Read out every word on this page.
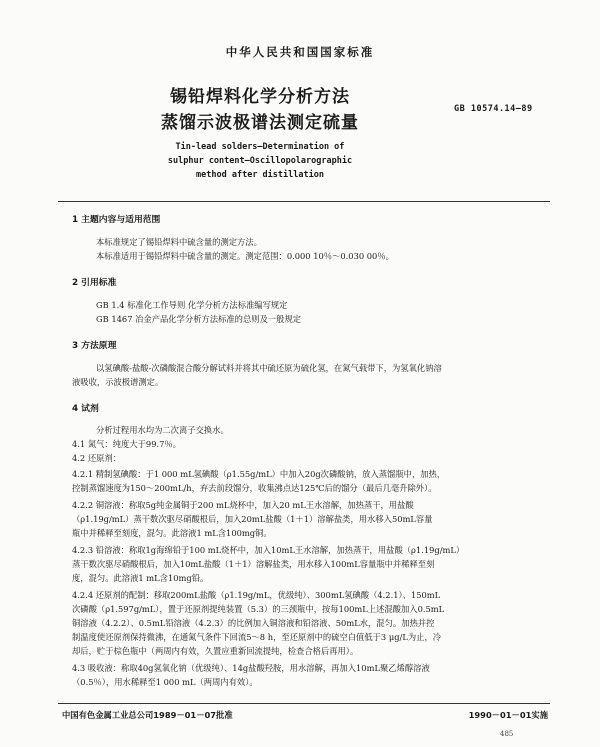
中华人民共和国国家标准
锡铅焊料化学分析方法
蒸馏示波极谱法测定硫量
GB 10574.14—89
Tin-lead solders—Determination of
sulphur content—Oscillopolarographic
method after distillation
1 主题内容与适用范围
本标准规定了锡铅焊料中硫含量的测定方法。
本标准适用于锡铅焊料中硫含量的测定。测定范围：0.000 10％～0.030 00％。
2 引用标准
GB 1.4 标准化工作导则 化学分析方法标准编写规定
GB 1467 冶金产品化学分析方法标准的总则及一般规定
3 方法原理
以氢碘酸-盐酸-次磷酸混合酸分解试料并将其中硫还原为硫化氢，在氮气载带下，为氢氧化钠溶
液吸收，示波极谱测定。
4 试剂
分析过程用水均为二次离子交换水。
4.1 氮气：纯度大于99.7％。
4.2 还原剂：
4.2.1 精制氢碘酸：于1 000 mL氢碘酸（ρ1.55g/mL）中加入20g次磷酸钠，放入蒸馏瓶中，加热，
控制蒸馏速度为150～200mL/h，弃去前段馏分，收集沸点达125℃后的馏分（最后几毫升除外）。
4.2.2 铜溶液：称取5g纯金属铜于200 mL烧杯中，加入20 mL王水溶解，加热蒸干，用盐酸
（ρ1.19g/mL）蒸干数次驱尽硝酸根后，加入20mL盐酸（1＋1）溶解盐类，用水移入50mL容量
瓶中并稀释至刻度，混匀。此溶液1 mL含100mg铜。
4.2.3 铅溶液：称取1g海绵铅于100 mL烧杯中，加入10mL王水溶解，加热蒸干，用盐酸（ρ1.19g/mL）
蒸干数次驱尽硝酸根后，加入10mL盐酸（1＋1）溶解盐类，用水移入100mL容量瓶中并稀释至刻
度，混匀。此溶液1 mL含10mg铅。
4.2.4 还原剂的配制：移取200mL盐酸（ρ1.19g/mL，优级纯）、300mL氢碘酸（4.2.1）、150mL
次磷酸（ρ1.597g/mL），置于还原剂提纯装置（5.3）的三颈瓶中，按每100mL上述混酸加入0.5mL
铜溶液（4.2.2）、0.5mL铅溶液（4.2.3）的比例加入铜溶液和铅溶液、50mL水，混匀。加热并控
制温度使还原剂保持微沸，在通氮气条件下回流5～8 h，至还原剂中的硫空白值低于3 μg/L为止，冷
却后，贮于棕色瓶中（两周内有效，久置应重新回流提纯，检查合格后再用）。
4.3 吸收液：称取40g氢氧化钠（优级纯）、14g盐酸羟胺，用水溶解，再加入10mL聚乙烯醇溶液
（0.5％），用水稀释至1 000 mL（两周内有效）。
中国有色金属工业总公司1989－01－07批准	1990－01－01实施
485
